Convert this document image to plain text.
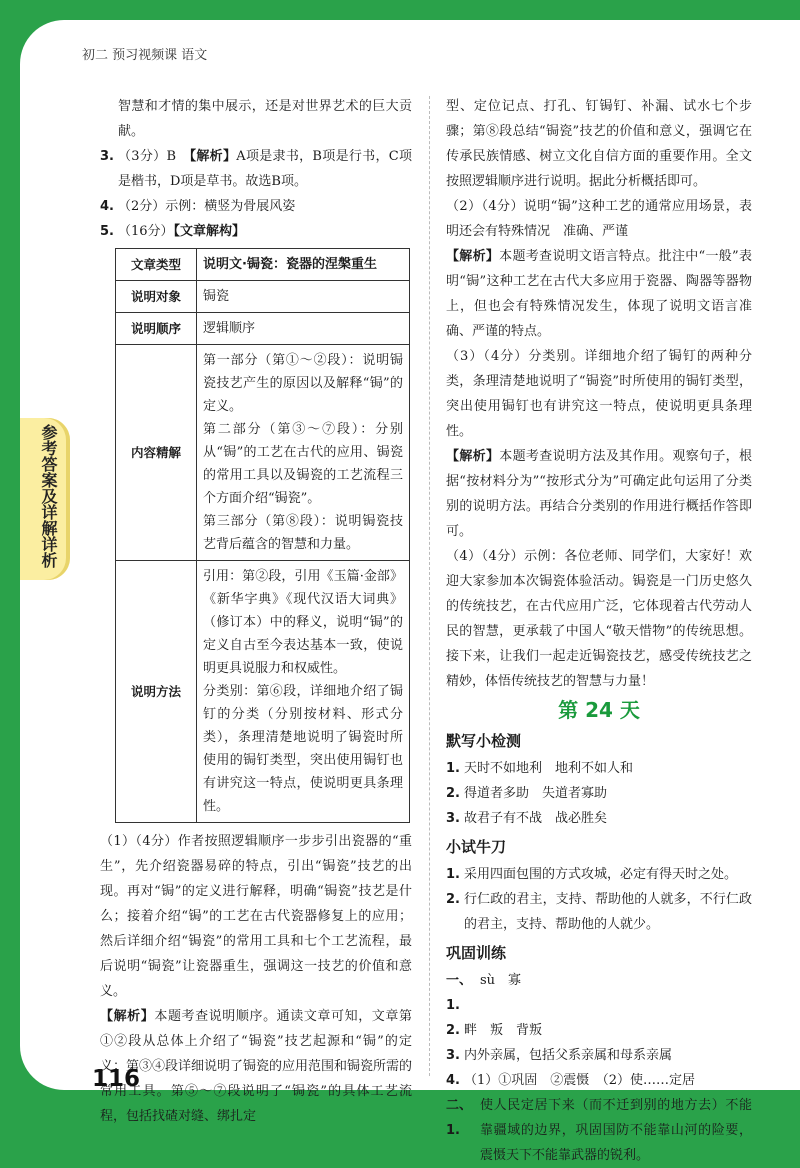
初二 预习视频课 语文
参考答案及详解详析

智慧和才情的集中展示，还是对世界艺术的巨大贡献。

3. （3分）B　【解析】A项是隶书，B项是行书，C项是楷书，D项是草书。故选B项。
4. （2分）示例：横竖为骨展风姿
5. （16分）【文章解构】
文章类型	说明文·锔瓷：瓷器的涅槃重生
说明对象	锔瓷
说明顺序	逻辑顺序
内容精解	第一部分（第①～②段）：说明锔瓷技艺产生的原因以及解释“锔”的定义。
第二部分（第③～⑦段）：分别从“锔”的工艺在古代的应用、锔瓷的常用工具以及锔瓷的工艺流程三个方面介绍“锔瓷”。
第三部分（第⑧段）：说明锔瓷技艺背后蕴含的智慧和力量。

说明方法	引用：第②段，引用《玉篇·金部》《新华字典》《现代汉语大词典》（修订本）中的释义，说明“锔”的定义自古至今表达基本一致，使说明更具说服力和权威性。
分类别：第⑥段，详细地介绍了锔钉的分类（分别按材料、形式分类），条理清楚地说明了锔瓷时所使用的锔钉类型，突出使用锔钉也有讲究这一特点，使说明更具条理性。

（1）（4分）作者按照逻辑顺序一步步引出瓷器的“重生”，先介绍瓷器易碎的特点，引出“锔瓷”技艺的出现。再对“锔”的定义进行解释，明确“锔瓷”技艺是什么；接着介绍“锔”的工艺在古代瓷器修复上的应用；然后详细介绍“锔瓷”的常用工具和七个工艺流程，最后说明“锔瓷”让瓷器重生，强调这一技艺的价值和意义。

【解析】本题考查说明顺序。通读文章可知，文章第①②段从总体上介绍了“锔瓷”技艺起源和“锔”的定义；第③④段详细说明了锔瓷的应用范围和锔瓷所需的常用工具。第⑤～⑦段说明了“锔瓷”的具体工艺流程，包括找碴对缝、绑扎定

型、定位记点、打孔、钉锔钉、补漏、试水七个步骤；第⑧段总结“锔瓷”技艺的价值和意义，强调它在传承民族情感、树立文化自信方面的重要作用。全文按照逻辑顺序进行说明。据此分析概括即可。

（2）（4分）说明“锔”这种工艺的通常应用场景，表明还会有特殊情况　准确、严谨

【解析】本题考查说明文语言特点。批注中“一般”表明“锔”这种工艺在古代大多应用于瓷器、陶器等器物上，但也会有特殊情况发生，体现了说明文语言准确、严谨的特点。

（3）（4分）分类别。详细地介绍了锔钉的两种分类，条理清楚地说明了“锔瓷”时所使用的锔钉类型，突出使用锔钉也有讲究这一特点，使说明更具条理性。

【解析】本题考查说明方法及其作用。观察句子，根据“按材料分为”“按形式分为”可确定此句运用了分类别的说明方法。再结合分类别的作用进行概括作答即可。

（4）（4分）示例：各位老师、同学们，大家好！欢迎大家参加本次锔瓷体验活动。锔瓷是一门历史悠久的传统技艺，在古代应用广泛，它体现着古代劳动人民的智慧，更承载了中国人“敬天惜物”的传统思想。接下来，让我们一起走近锔瓷技艺，感受传统技艺之精妙，体悟传统技艺的智慧与力量！

第 24 天
默写小检测
1. 天时不如地利　地利不如人和
2. 得道者多助　失道者寡助
3. 故君子有不战　战必胜矣
小试牛刀
1. 采用四面包围的方式攻城，必定有得天时之处。
2. 行仁政的君主，支持、帮助他的人就多，不行仁政的君主，支持、帮助他的人就少。
巩固训练
一、1.
sù　寡
2. 畔　叛　背叛
3. 内外亲属，包括父系亲属和母系亲属
4. （1）①巩固　②震慑　（2）使……定居
二、1.
使人民定居下来（而不迁到别的地方去）不能靠疆域的边界，巩固国防不能靠山河的险要，震慑天下不能靠武器的锐利。
116
